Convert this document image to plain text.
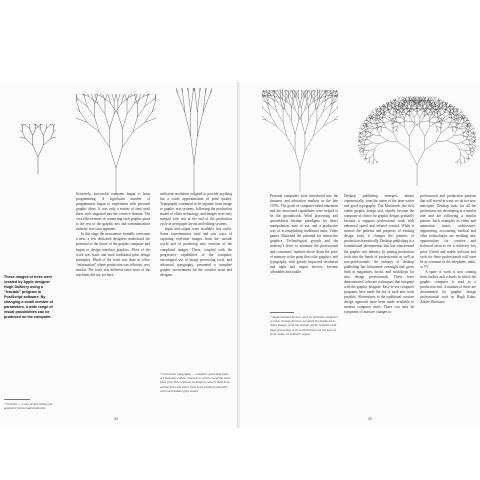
These images of trees were created by Apple designer Hugh DuBerry using a “fractals” program in PostScript software. By changing a small number of parameters, a wide range of visual possibilities can be produced on the computer.
* Fractals — a way of describing non-geometric forms mathematically.

Iteratively, successful computer began to learn programming. A significant number of programmers began to experiment with personal graphic ideas. It was only a matter of time until these tools migrated into the creative domain. The cost-effectiveness of connecting each graphic point to the rest of the graphic arts and communication industry was soon apparent.

In this stage the newcomers formally overcame a new: a few dedicated designers understood the potential of the future of the graphic computer and began to design interface graphics. Most of the work was static and used traditional print design principles. Much of the work was done in office “information” where production was efficient, very similar. The work was different since most of the machines did not yet have

sufficient resolution or speed to provide anything but a crude approximation of print quality. Typography continued to be separate from image to graphic arts systems, following the production model of offset technology, and images were only merged with text at the end of the production cycle in newspaper layout and editing systems.

Input and output were available, but costly. Some experimenters tried and saw ways of capturing real-time images from the outside world and of producing new versions of the completed images. These, coupled with the progressive capabilities of the computer, encouraged use of image processing tools, and advanced typography, presented a complete graphic environment for the creative artist and designer.

* Lost about typography — computer generated fonts are basically outline characters, which reveal the same pixel grid. New software techniques convert them from outline form and allow them to be rendered smoothly, with intermediate gray values.
44

Personal computers were introduced into the business and education markets in the late 1970s. The goals of computer-aided education and the associated capabilities were helped to be the groundwork. Word processing and spreadsheets became paradigms for direct manipulation, ease of use, and a productive way of accomplishing traditional tasks. Video games illustrated the potential for interactive graphics. Technological growth and the industry’s drive to automate the professional and consumers’ markets drove down the price of memory to the point that color graphics, and typography, with greatly improved resolution and input and output devices, became affordable and usable.

* Apple demand devices, such as personal computers or other storage devices, occupied the displayed as video images, from the outside world. Graphics and page processing, such as PostScript, are the keys of print, video, or software output.

Desktop publishing emerged, almost commercially, from the union of the laser writer and good typography. The Macintosh, the first viable graphic design tool, rapidly became the computer of choice for graphic design, primarily because it supports professional work with enhanced speed and refined control. While it mirrors the patterns and purposes of existing design tools, it changes the patterns of production dramatically. Desktop publishing is a foundational phenomenon that has transformed the graphic arts industry by putting production tools into the hands of professionals as well as non-professionals. An industry of desktop publishing has blossomed overnight and given birth to magazines, books, and workshops for new design professionals. These have demonstrated software techniques that integrate with the graphic designer. Easy-to-use computer programs have made the use of such new tools possible. Alternatives to the traditional creative design approach have been made available to modern computer users. There can only be symptoms of massive changes to

professional and production patterns that will reveal in ways we do not now anticipate. Desktop tools for all the professions are developing at a similar rate and are following a similar pattern. Such examples as video and animation, music, architecture, engineering, accounting, medical and other technologies are enabling new opportunities for creative and technical services for a relatively low price. Useful and usable software and tools for these professionals will soon be as common as the telephone, radio, or TV.

A spate of work is now coming from studios and schools in which the graphic computer is used as a production tool. A number of these are documented by graphic design professionals such as Hugh Kahn, Adobe Illustrator.

45
